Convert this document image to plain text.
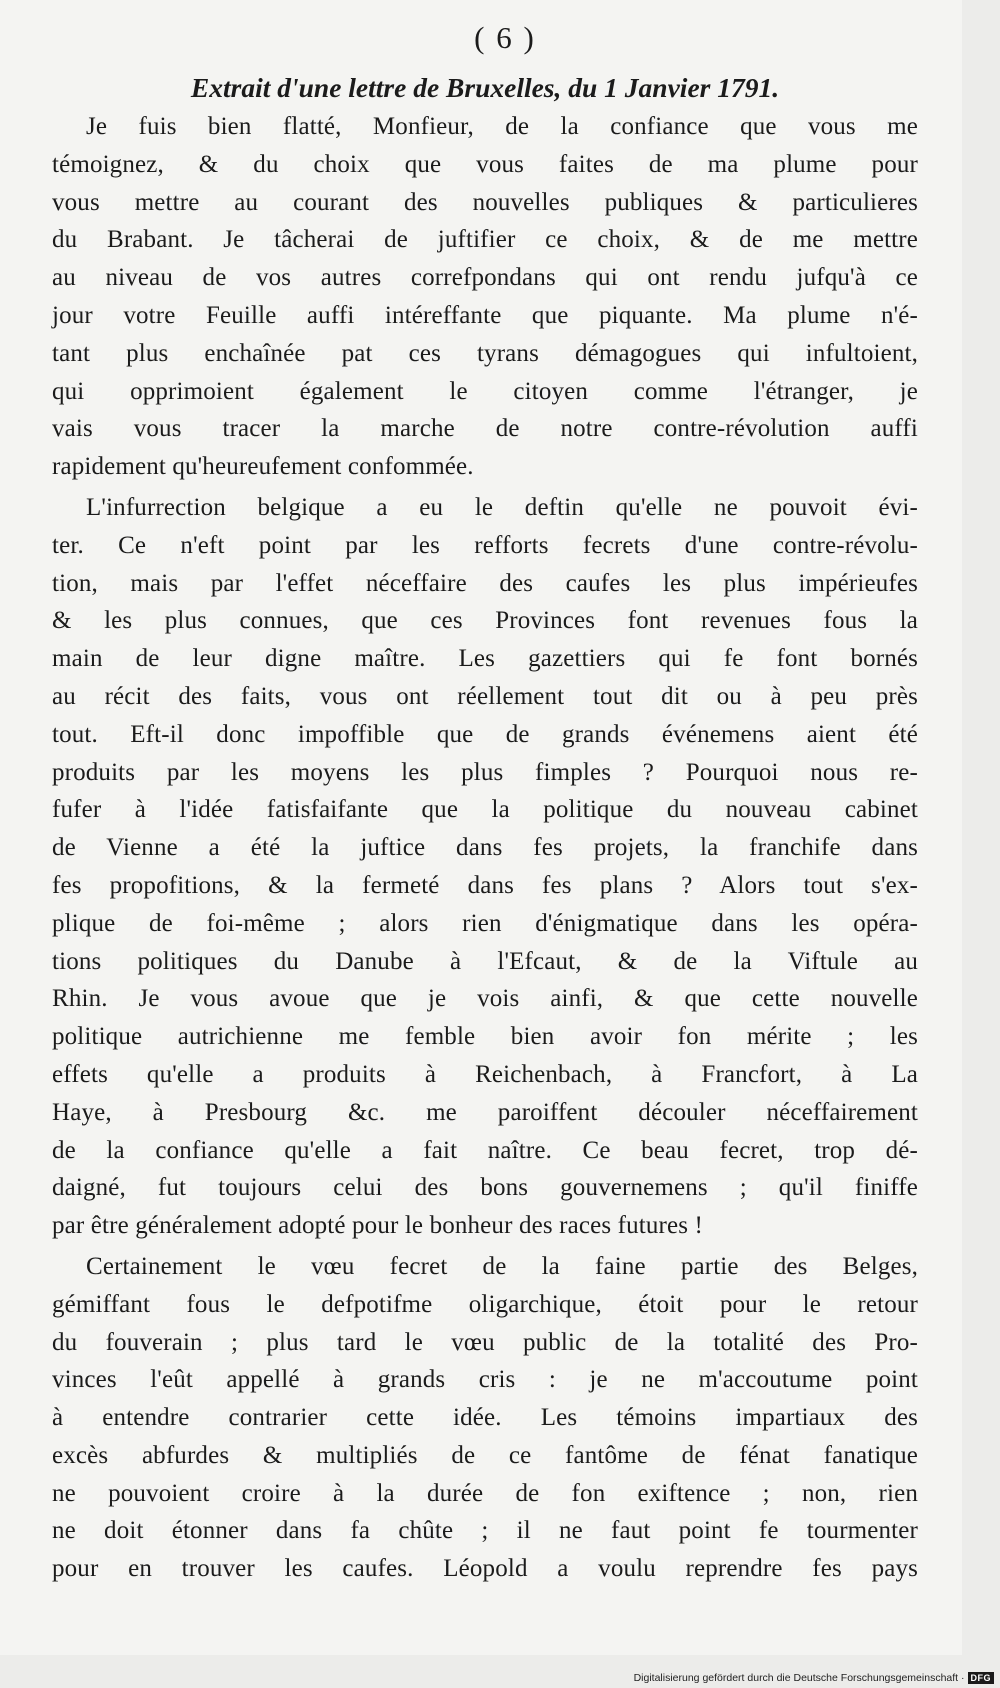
( 6 )
Extrait d'une lettre de Bruxelles, du 1 Janvier 1791.
Je fuis bien flatté, Monfieur, de la confiance que vous me
témoignez, & du choix que vous faites de ma plume pour
vous mettre au courant des nouvelles publiques & particulieres
du Brabant. Je tâcherai de juftifier ce choix, & de me mettre
au niveau de vos autres correfpondans qui ont rendu jufqu'à ce
jour votre Feuille auffi intéreffante que piquante. Ma plume n'é-
tant plus enchaînée pat ces tyrans démagogues qui infultoient,
qui opprimoient également le citoyen comme l'étranger, je
vais vous tracer la marche de notre contre-révolution auffi
rapidement qu'heureufement confommée.
L'infurrection belgique a eu le deftin qu'elle ne pouvoit évi-
ter. Ce n'eft point par les refforts fecrets d'une contre-révolu-
tion, mais par l'effet néceffaire des caufes les plus impérieufes
& les plus connues, que ces Provinces font revenues fous la
main de leur digne maître. Les gazettiers qui fe font bornés
au récit des faits, vous ont réellement tout dit ou à peu près
tout. Eft-il donc impoffible que de grands événemens aient été
produits par les moyens les plus fimples ? Pourquoi nous re-
fufer à l'idée fatisfaifante que la politique du nouveau cabinet
de Vienne a été la juftice dans fes projets, la franchife dans
fes propofitions, & la fermeté dans fes plans ? Alors tout s'ex-
plique de foi-même ; alors rien d'énigmatique dans les opéra-
tions politiques du Danube à l'Efcaut, & de la Viftule au
Rhin. Je vous avoue que je vois ainfi, & que cette nouvelle
politique autrichienne me femble bien avoir fon mérite ; les
effets qu'elle a produits à Reichenbach, à Francfort, à La
Haye, à Presbourg &c. me paroiffent découler néceffairement
de la confiance qu'elle a fait naître. Ce beau fecret, trop dé-
daigné, fut toujours celui des bons gouvernemens ; qu'il finiffe
par être généralement adopté pour le bonheur des races futures !
Certainement le vœu fecret de la faine partie des Belges,
gémiffant fous le defpotifme oligarchique, étoit pour le retour
du fouverain ; plus tard le vœu public de la totalité des Pro-
vinces l'eût appellé à grands cris : je ne m'accoutume point
à entendre contrarier cette idée. Les témoins impartiaux des
excès abfurdes & multipliés de ce fantôme de fénat fanatique
ne pouvoient croire à la durée de fon exiftence ; non, rien
ne doit étonner dans fa chûte ; il ne faut point fe tourmenter
pour en trouver les caufes. Léopold a voulu reprendre fes pays
Digitalisierung gefördert durch die Deutsche Forschungsgemeinschaft · DFG
